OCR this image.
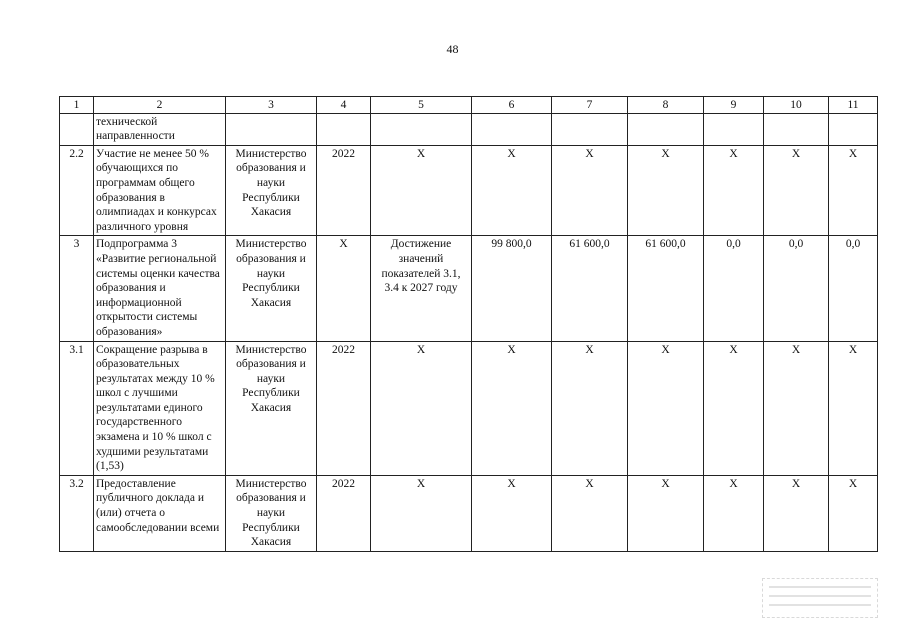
48
1	2	3	4	5	6	7	8	9	10	11
	технической направленности									
2.2	Участие не менее 50 % обучающихся по программам общего образования в олимпиадах и конкурсах различного уровня	Министерство образования и науки Республики Хакасия	2022	X	X	X	X	X	X	X
3	Подпрограмма 3 «Развитие региональной системы оценки качества образования и информационной открытости системы образования»	Министерство образования и науки Республики Хакасия	X	Достижение значений показателей 3.1, 3.4 к 2027 году	99 800,0	61 600,0	61 600,0	0,0	0,0	0,0
3.1	Сокращение разрыва в образовательных результатах между 10 % школ с лучшими результатами единого государственного экзамена и 10 % школ с худшими результатами (1,53)	Министерство образования и науки Республики Хакасия	2022	X	X	X	X	X	X	X
3.2	Предоставление публичного доклада и (или) отчета о самообследовании всеми	Министерство образования и науки Республики Хакасия	2022	X	X	X	X	X	X	X
